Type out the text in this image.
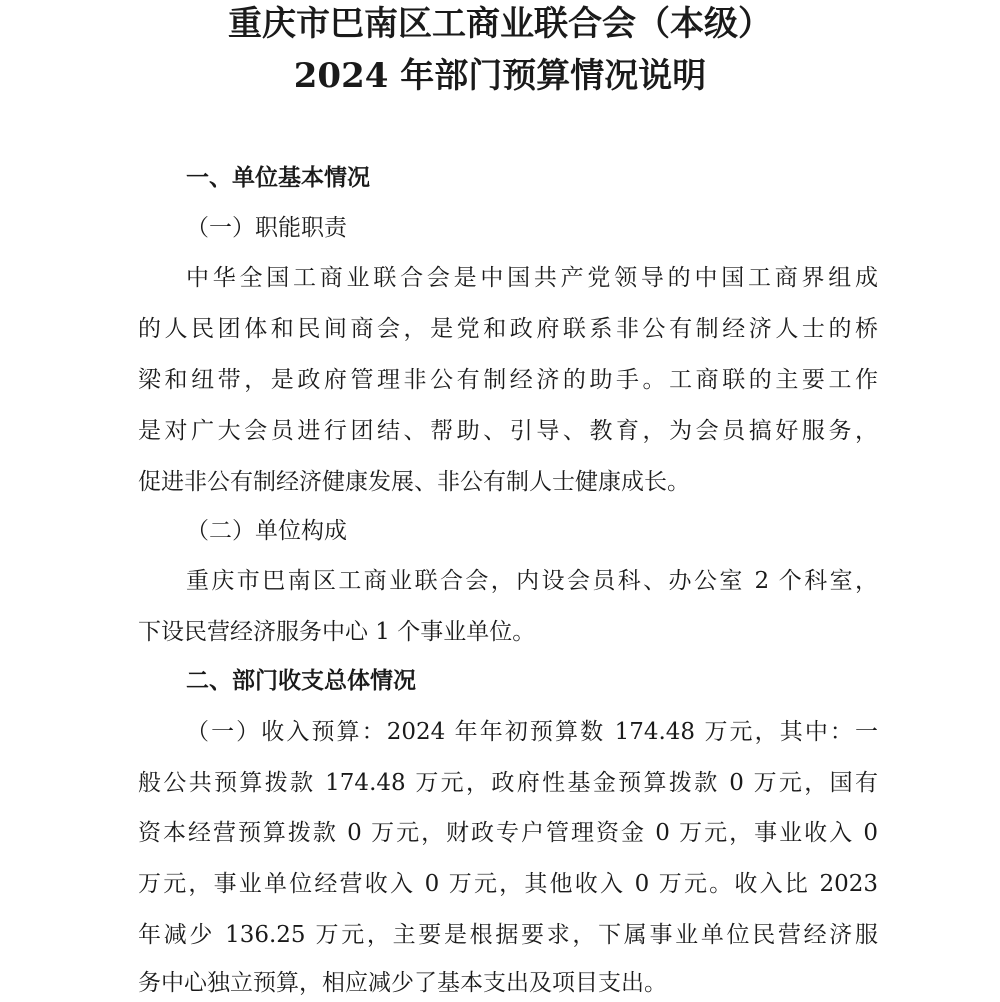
重庆市巴南区工商业联合会（本级）
2024 年部门预算情况说明

一、单位基本情况

（一）职能职责

中华全国工商业联合会是中国共产党领导的中国工商界组成

的人民团体和民间商会，是党和政府联系非公有制经济人士的桥

梁和纽带，是政府管理非公有制经济的助手。工商联的主要工作

是对广大会员进行团结、帮助、引导、教育，为会员搞好服务，

促进非公有制经济健康发展、非公有制人士健康成长。

（二）单位构成

重庆市巴南区工商业联合会，内设会员科、办公室 2 个科室，

下设民营经济服务中心 1 个事业单位。

二、部门收支总体情况

（一）收入预算：2024 年年初预算数 174.48 万元，其中：一

般公共预算拨款 174.48 万元，政府性基金预算拨款 0 万元，国有

资本经营预算拨款 0 万元，财政专户管理资金 0 万元，事业收入 0

万元，事业单位经营收入 0 万元，其他收入 0 万元。收入比 2023

年减少 136.25 万元，主要是根据要求，下属事业单位民营经济服

务中心独立预算，相应减少了基本支出及项目支出。
